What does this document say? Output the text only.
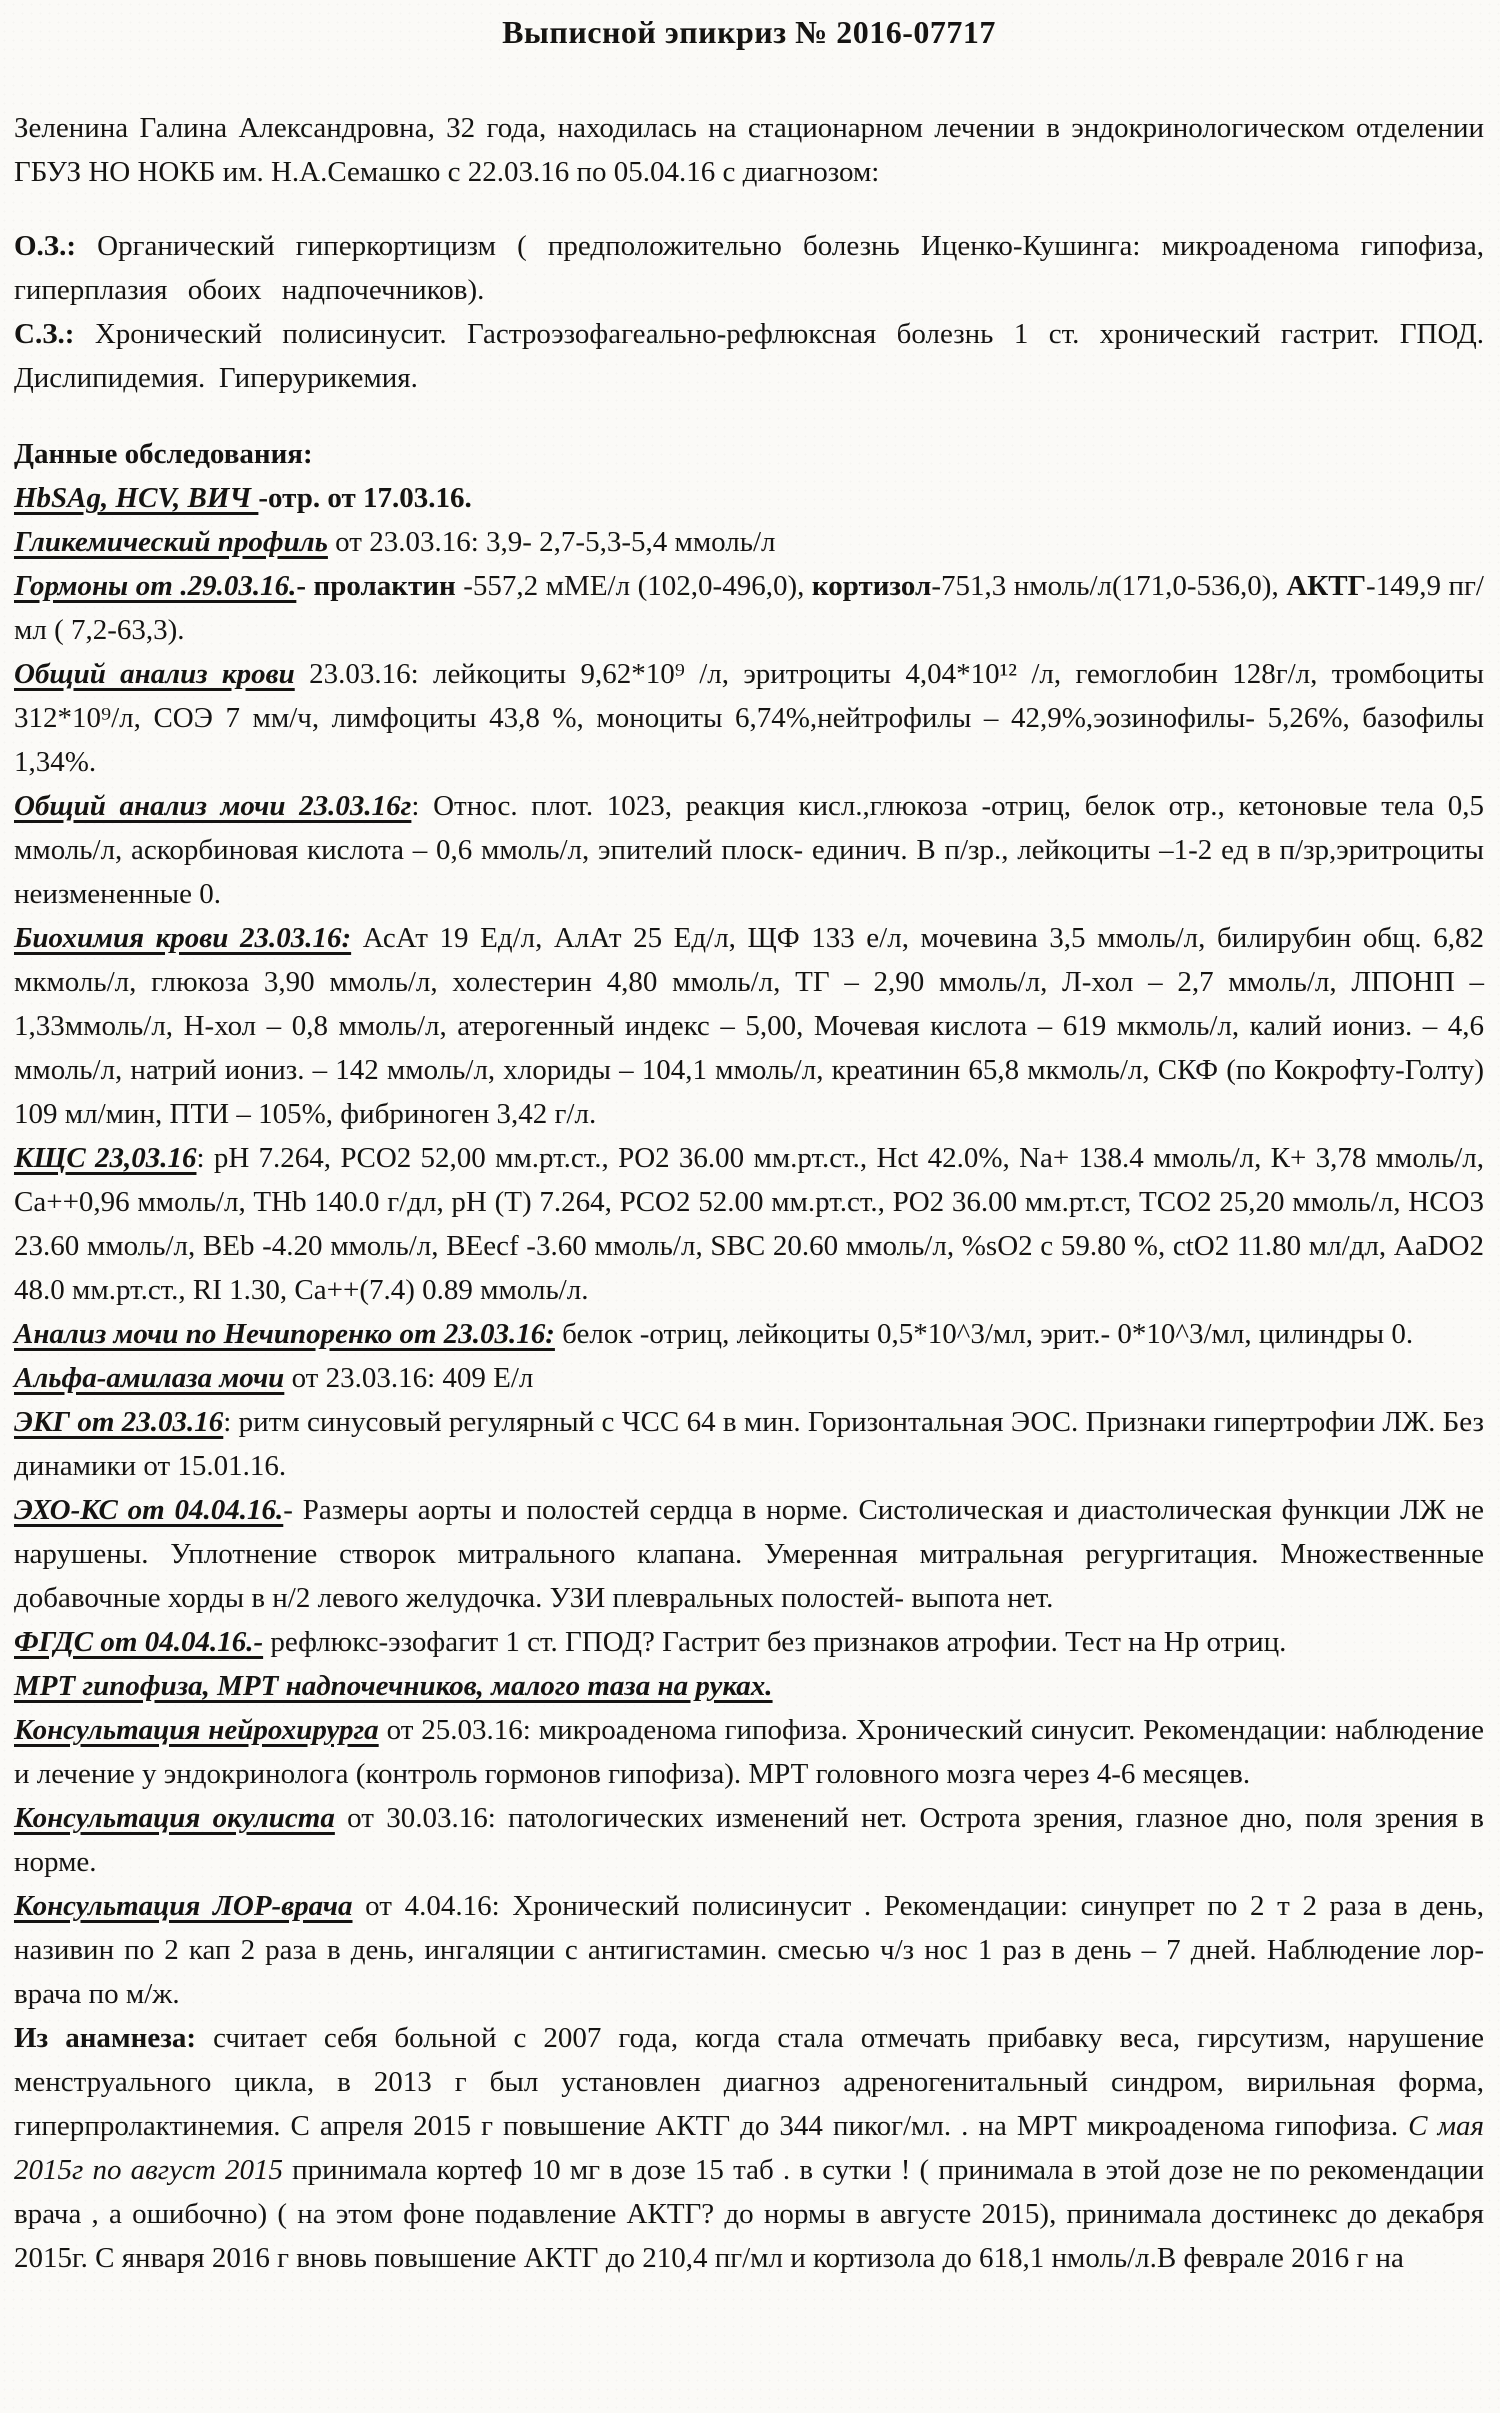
Выписной эпикриз № 2016-07717

Зеленина Галина Александровна, 32 года, находилась на стационарном лечении в эндокринологическом отделении ГБУЗ НО НОКБ им. Н.А.Семашко с 22.03.16 по 05.04.16 с диагнозом:

О.З.: Органический гиперкортицизм ( предположительно болезнь Иценко-Кушинга: микроаденома гипофиза, гиперплазия обоих надпочечников).

С.З.: Хронический полисинусит. Гастроэзофагеально-рефлюксная болезнь 1 ст. хронический гастрит. ГПОД. Дислипидемия. Гиперурикемия.

Данные обследования:

HbSAg, HCV, ВИЧ -отр. от 17.03.16.

Гликемический профиль от 23.03.16: 3,9- 2,7-5,3-5,4 ммоль/л

Гормоны от .29.03.16.- пролактин -557,2 мМЕ/л (102,0-496,0), кортизол-751,3 нмоль/л(171,0-536,0), АКТГ-149,9 пг/мл ( 7,2-63,3).

Общий анализ крови 23.03.16: лейкоциты 9,62*10⁹ /л, эритроциты 4,04*10¹² /л, гемоглобин 128г/л, тромбоциты 312*10⁹/л, СОЭ 7 мм/ч, лимфоциты 43,8 %, моноциты 6,74%,нейтрофилы – 42,9%,эозинофилы- 5,26%, базофилы 1,34%.

Общий анализ мочи 23.03.16г: Относ. плот. 1023, реакция кисл.,глюкоза -отриц, белок отр., кетоновые тела 0,5 ммоль/л, аскорбиновая кислота – 0,6 ммоль/л, эпителий плоск- единич. В п/зр., лейкоциты –1-2 ед в п/зр,эритроциты неизмененные 0.

Биохимия крови 23.03.16: АсАт 19 Ед/л, АлАт 25 Ед/л, ЩФ 133 е/л, мочевина 3,5 ммоль/л, билирубин общ. 6,82 мкмоль/л, глюкоза 3,90 ммоль/л, холестерин 4,80 ммоль/л, ТГ – 2,90 ммоль/л, Л-хол – 2,7 ммоль/л, ЛПОНП – 1,33ммоль/л, Н-хол – 0,8 ммоль/л, атерогенный индекс – 5,00, Мочевая кислота – 619 мкмоль/л, калий иониз. – 4,6 ммоль/л, натрий иониз. – 142 ммоль/л, хлориды – 104,1 ммоль/л, креатинин 65,8 мкмоль/л, СКФ (по Кокрофту-Голту) 109 мл/мин, ПТИ – 105%, фибриноген 3,42 г/л.

КЩС 23,03.16: pH 7.264, PCO2 52,00 мм.рт.ст., PO2 36.00 мм.рт.ст., Hct 42.0%, Na+ 138.4 ммоль/л, К+ 3,78 ммоль/л, Ca++0,96 ммоль/л, THb 140.0 г/дл, pH (T) 7.264, PCO2 52.00 мм.рт.ст., PO2 36.00 мм.рт.ст, TCO2 25,20 ммоль/л, HCO3 23.60 ммоль/л, BEb -4.20 ммоль/л, BEecf -3.60 ммоль/л, SBC 20.60 ммоль/л, %sO2 c 59.80 %, ctO2 11.80 мл/дл, AaDO2 48.0 мм.рт.ст., RI 1.30, Ca++(7.4) 0.89 ммоль/л.

Анализ мочи по Нечипоренко от 23.03.16: белок -отриц, лейкоциты 0,5*10^3/мл, эрит.- 0*10^3/мл, цилиндры 0.

Альфа-амилаза мочи от 23.03.16: 409 Е/л

ЭКГ от 23.03.16: ритм синусовый регулярный с ЧСС 64 в мин. Горизонтальная ЭОС. Признаки гипертрофии ЛЖ. Без динамики от 15.01.16.

ЭХО-КС от 04.04.16.- Размеры аорты и полостей сердца в норме. Систолическая и диастолическая функции ЛЖ не нарушены. Уплотнение створок митрального клапана. Умеренная митральная регургитация. Множественные добавочные хорды в н/2 левого желудочка. УЗИ плевральных полостей- выпота нет.

ФГДС от 04.04.16.- рефлюкс-эзофагит 1 ст. ГПОД? Гастрит без признаков атрофии. Тест на Hp отриц.

МРТ гипофиза, МРТ надпочечников, малого таза на руках.

Консультация нейрохирурга от 25.03.16: микроаденома гипофиза. Хронический синусит. Рекомендации: наблюдение и лечение у эндокринолога (контроль гормонов гипофиза). МРТ головного мозга через 4-6 месяцев.

Консультация окулиста от 30.03.16: патологических изменений нет. Острота зрения, глазное дно, поля зрения в норме.

Консультация ЛОР-врача от 4.04.16: Хронический полисинусит . Рекомендации: синупрет по 2 т 2 раза в день, називин по 2 кап 2 раза в день, ингаляции с антигистамин. смесью ч/з нос 1 раз в день – 7 дней. Наблюдение лор-врача по м/ж.

Из анамнеза: считает себя больной с 2007 года, когда стала отмечать прибавку веса, гирсутизм, нарушение менструального цикла, в 2013 г был установлен диагноз адреногенитальный синдром, вирильная форма, гиперпролактинемия. С апреля 2015 г повышение АКТГ до 344 пиког/мл. . на МРТ микроаденома гипофиза. С мая 2015г по август 2015 принимала кортеф 10 мг в дозе 15 таб . в сутки ! ( принимала в этой дозе не по рекомендации врача , а ошибочно) ( на этом фоне подавление АКТГ? до нормы в августе 2015), принимала достинекс до декабря 2015г. С января 2016 г вновь повышение АКТГ до 210,4 пг/мл и кортизола до 618,1 нмоль/л.В феврале 2016 г на
